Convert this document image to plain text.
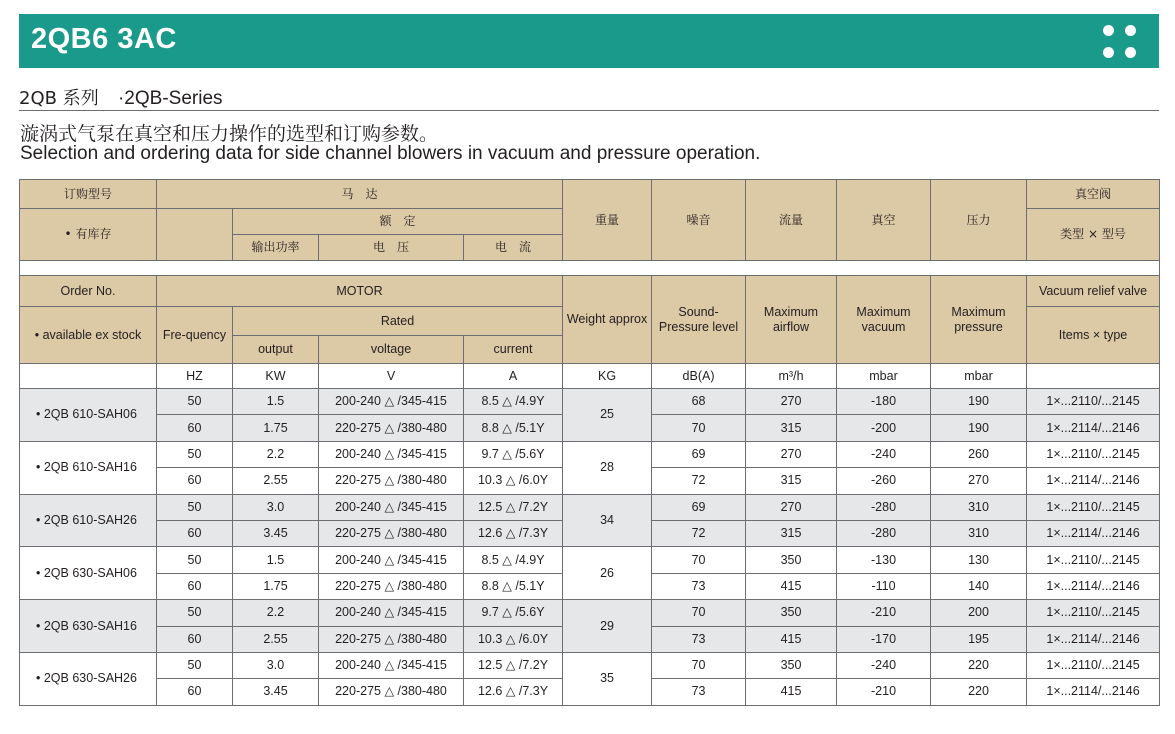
2QB6 3AC
2QB 系列 ·2QB-Series
漩涡式气泵在真空和压力操作的选型和订购参数。
Selection and ordering data for side channel blowers in vacuum and pressure operation.
订购型号	马　达				重量	噪音	流量	真空	压力	真空阀
• 有库存		额　定								类型 × 型号
		输出功率	电　压	电　流						

Order No.	MOTOR				Weight approx	Sound-Pressure level	Maximum airflow	Maximum vacuum	Maximum pressure	Vacuum relief valve
• available ex stock	Fre-quency	Rated								Items × type
		output	voltage	current						
	HZ	KW	V	A	KG	dB(A)	m³/h	mbar	mbar	
• 2QB 610-SAH06	50	1.5	200-240 △ /345-415	8.5 △ /4.9Y	25	68	270	-180	190	1×...2110/...2145
	60	1.75	220-275 △ /380-480	8.8 △ /5.1Y		70	315	-200	190	1×...2114/...2146
• 2QB 610-SAH16	50	2.2	200-240 △ /345-415	9.7 △ /5.6Y	28	69	270	-240	260	1×...2110/...2145
	60	2.55	220-275 △ /380-480	10.3 △ /6.0Y		72	315	-260	270	1×...2114/...2146
• 2QB 610-SAH26	50	3.0	200-240 △ /345-415	12.5 △ /7.2Y	34	69	270	-280	310	1×...2110/...2145
	60	3.45	220-275 △ /380-480	12.6 △ /7.3Y		72	315	-280	310	1×...2114/...2146
• 2QB 630-SAH06	50	1.5	200-240 △ /345-415	8.5 △ /4.9Y	26	70	350	-130	130	1×...2110/...2145
	60	1.75	220-275 △ /380-480	8.8 △ /5.1Y		73	415	-110	140	1×...2114/...2146
• 2QB 630-SAH16	50	2.2	200-240 △ /345-415	9.7 △ /5.6Y	29	70	350	-210	200	1×...2110/...2145
	60	2.55	220-275 △ /380-480	10.3 △ /6.0Y		73	415	-170	195	1×...2114/...2146
• 2QB 630-SAH26	50	3.0	200-240 △ /345-415	12.5 △ /7.2Y	35	70	350	-240	220	1×...2110/...2145
	60	3.45	220-275 △ /380-480	12.6 △ /7.3Y		73	415	-210	220	1×...2114/...2146
